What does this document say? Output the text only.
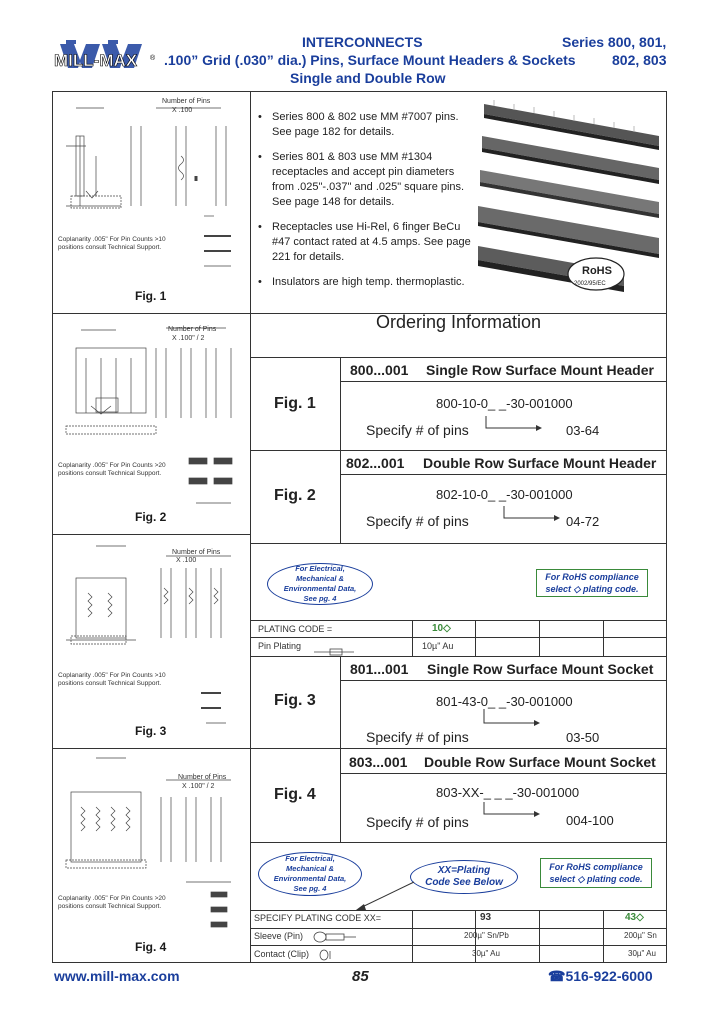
MILL-MAX ®
INTERCONNECTS
.100” Grid (.030” dia.) Pins, Surface Mount Headers & Sockets
Single and Double Row
Series 800, 801,
802, 803
Number of Pins
X .100
Coplanarity .005" For Pin Counts >10 positions consult Technical Support.
Fig. 1
• Series 800 & 802 use MM #7007 pins. See page 182 for details.
• Series 801 & 803 use MM #1304 receptacles and accept pin diameters from .025"-.037" and .025" square pins. See page 148 for details.
• Receptacles use Hi-Rel, 6 finger BeCu #47 contact rated at 4.5 amps. See page 221 for details.
• Insulators are high temp. thermoplastic.
RoHS
2002/95/EC
Number of Pins
X .100" / 2
Coplanarity .005" For Pin Counts >20 positions consult Technical Support.
Fig. 2
Number of Pins
X .100
Coplanarity .005" For Pin Counts >10 positions consult Technical Support.
Fig. 3
Number of Pins
X .100" / 2
Coplanarity .005" For Pin Counts >20 positions consult Technical Support.
Fig. 4
Ordering Information
800...001 Single Row Surface Mount Header
Fig. 1	800-10-0_ _-30-001000
Specify # of pins	03-64
802...001 Double Row Surface Mount Header
Fig. 2	802-10-0_ _-30-001000
Specify # of pins	04-72
For Electrical, Mechanical & Environmental Data, See pg. 4
For RoHS compliance select ◇ plating code.
PLATING CODE =	10◇
Pin Plating	10µ" Au
801...001 Single Row Surface Mount Socket
Fig. 3	801-43-0_ _-30-001000
Specify # of pins	03-50
803...001 Double Row Surface Mount Socket
Fig. 4	803-XX-_ _ _-30-001000
Specify # of pins	004-100
For Electrical, Mechanical & Environmental Data, See pg. 4
XX=Plating Code See Below
For RoHS compliance select ◇ plating code.
SPECIFY PLATING CODE XX=	93	43◇
Sleeve (Pin)	200µ" Sn/Pb	200µ" Sn
Contact (Clip)	30µ" Au	30µ" Au
www.mill-max.com	85	☎516-922-6000
